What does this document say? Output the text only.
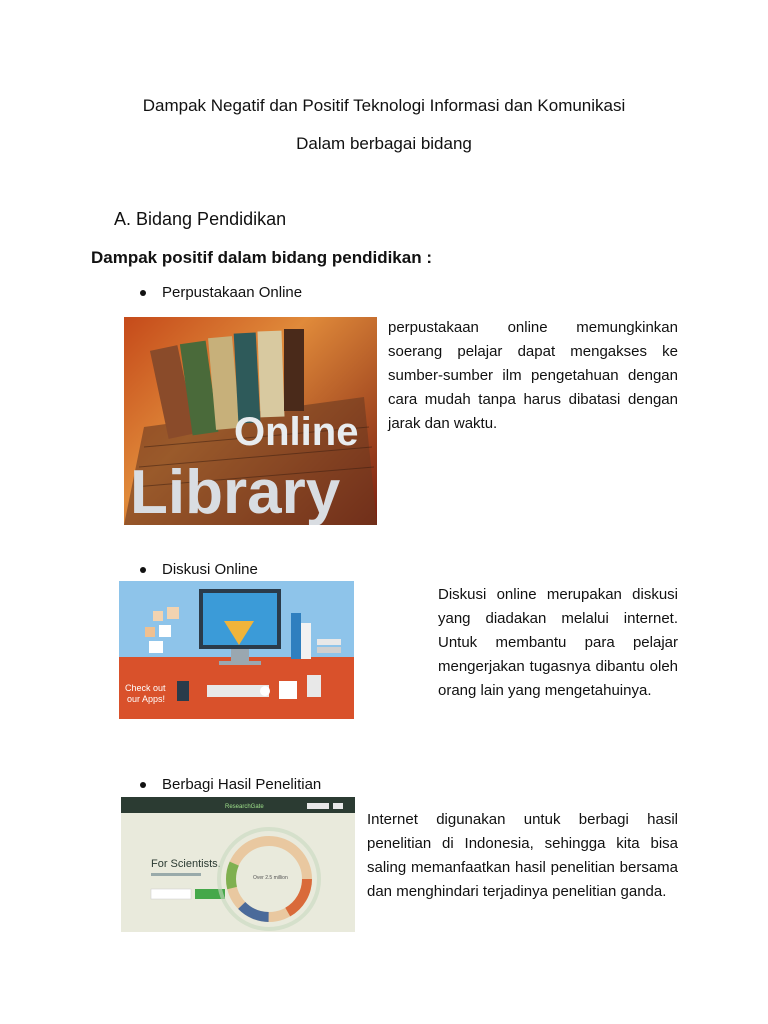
Dampak Negatif dan Positif Teknologi Informasi dan Komunikasi
Dalam berbagai bidang
A. Bidang Pendidikan
Dampak positif dalam bidang pendidikan :
Perpustakaan Online
Online
Library
perpustakaan online memungkinkan soerang pelajar dapat mengakses ke sumber-sumber ilm pengetahuan dengan cara mudah tanpa harus dibatasi dengan jarak dan waktu.
Diskusi Online
Check out
our Apps!
Diskusi online merupakan diskusi yang diadakan melalui internet. Untuk membantu para pelajar mengerjakan tugasnya dibantu oleh orang lain yang mengetahuinya.
Berbagi Hasil Penelitian
ResearchGate
For Scientists.
Over 2.5 million
Internet digunakan untuk berbagi hasil penelitian di Indonesia, sehingga kita bisa saling memanfaatkan hasil penelitian bersama dan menghindari terjadinya penelitian ganda.
